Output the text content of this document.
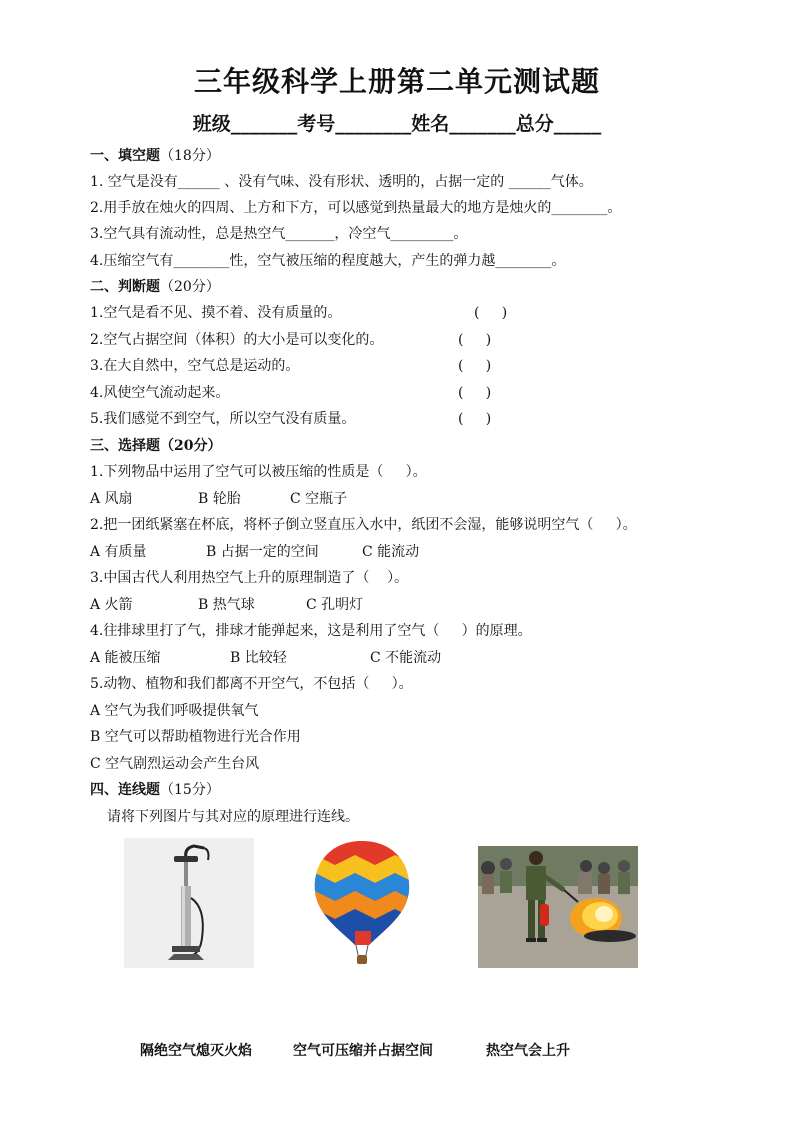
三年级科学上册第二单元测试题
班级_______考号________姓名_______总分_____
一、填空题（18分）
1. 空气是没有______ 、没有气味、没有形状、透明的，占据一定的 ______气体。
2.用手放在烛火的四周、上方和下方，可以感觉到热量最大的地方是烛火的________。
3.空气具有流动性，总是热空气_______，冷空气_________。
4.压缩空气有________性，空气被压缩的程度越大，产生的弹力越________。
二、判断题（20分）
1.空气是看不见、摸不着、没有质量的。	(     )
2.空气占据空间（体积）的大小是可以变化的。	(     )
3.在大自然中，空气总是运动的。	(     )
4.风使空气流动起来。	(     )
5.我们感觉不到空气，所以空气没有质量。	(     )
三、选择题（20分）
1.下列物品中运用了空气可以被压缩的性质是（     ）。
A 风扇	B 轮胎	C 空瓶子
2.把一团纸紧塞在杯底，将杯子倒立竖直压入水中，纸团不会湿，能够说明空气（     ）。
A 有质量	B 占据一定的空间	C 能流动
3.中国古代人利用热空气上升的原理制造了（    ）。
A 火箭	B 热气球	C 孔明灯
4.往排球里打了气，排球才能弹起来，这是利用了空气（     ）的原理。
A 能被压缩	B 比较轻	C 不能流动
5.动物、植物和我们都离不开空气，不包括（     ）。
A 空气为我们呼吸提供氧气
B 空气可以帮助植物进行光合作用
C 空气剧烈运动会产生台风
四、连线题（15分）
请将下列图片与其对应的原理进行连线。
隔绝空气熄灭火焰	空气可压缩并占据空间	热空气会上升
